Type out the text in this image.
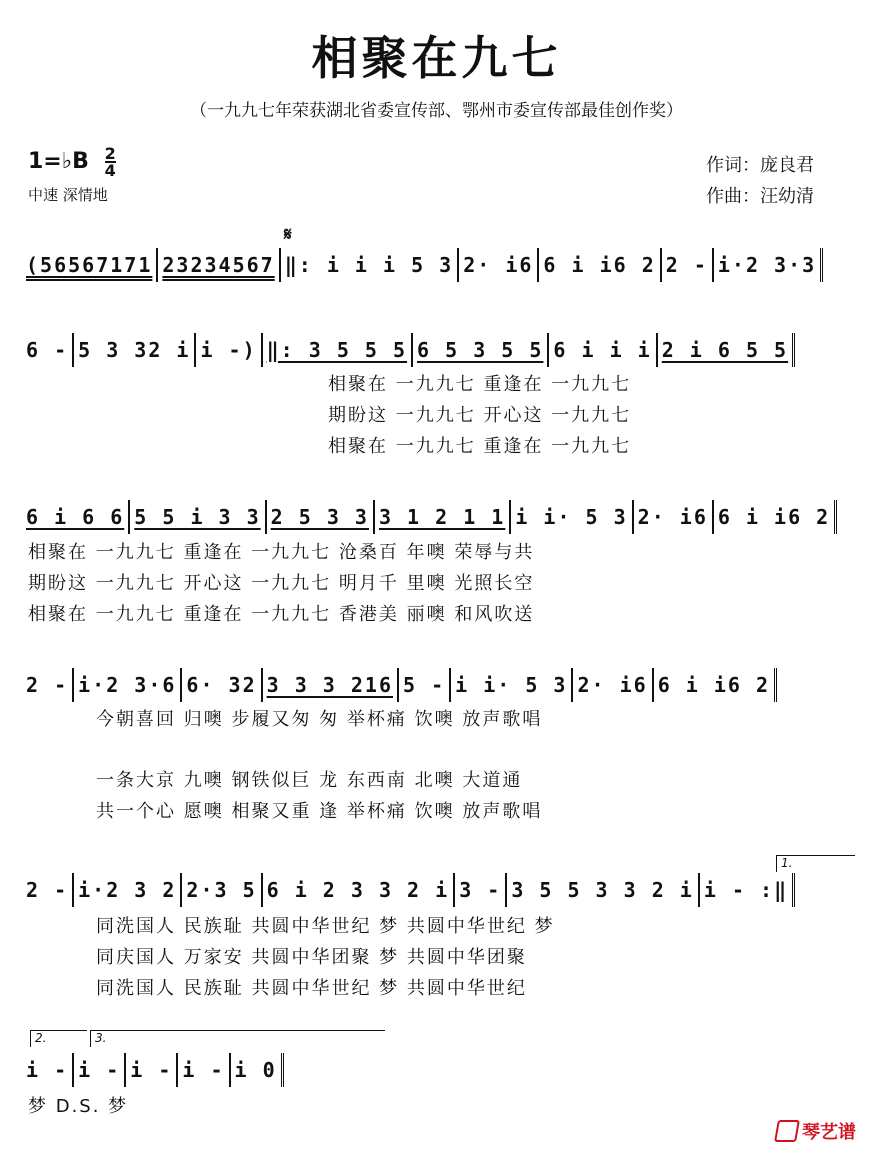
相聚在九七
（一九九七年荣获湖北省委宣传部、鄂州市委宣传部最佳创作奖）
1=♭B $\frac{2}{4}$
中速 深情地
作词：庞良君
作曲：汪幼清
𝄋
(56567171 23234567 ‖: i i i 5 3 2· i6 6 i i6 2 2 - i·2 3·3
6 - 5 3 32 i i -) ‖: 3 5 5 5 6 5 3 5 5 6 i i i 2 i 6 5 5
相聚在 一九九七 重逢在 一九九七
期盼这 一九九七 开心这 一九九七
相聚在 一九九七 重逢在 一九九七
6 i 6 6 5 5 i 3 3 2 5 3 3 3 1 2 1 1 i i· 5 3 2· i6 6 i i6 2
相聚在 一九九七 重逢在 一九九七 沧桑百 年噢 荣辱与共
期盼这 一九九七 开心这 一九九七 明月千 里噢 光照长空
相聚在 一九九七 重逢在 一九九七 香港美 丽噢 和风吹送
2 - i·2 3·6 6· 32 3 3 3 216 5 - i i· 5 3 2· i6 6 i i6 2
今朝喜回 归噢 步履又匆 匆 举杯痛 饮噢 放声歌唱
一条大京 九噢 钢铁似巨 龙 东西南 北噢 大道通
共一个心 愿噢 相聚又重 逢 举杯痛 饮噢 放声歌唱
1.
2 - i·2 3 2 2·3 5 6 i 2 3 3 2 i 3 - 3 5 5 3 3 2 i i - :‖
同洗国人 民族耻 共圆中华世纪 梦 共圆中华世纪 梦
同庆国人 万家安 共圆中华团聚 梦 共圆中华团聚
同洗国人 民族耻 共圆中华世纪 梦 共圆中华世纪
2.	3.
i - i - i - i - i 0
梦 D.S. 梦
琴艺谱
